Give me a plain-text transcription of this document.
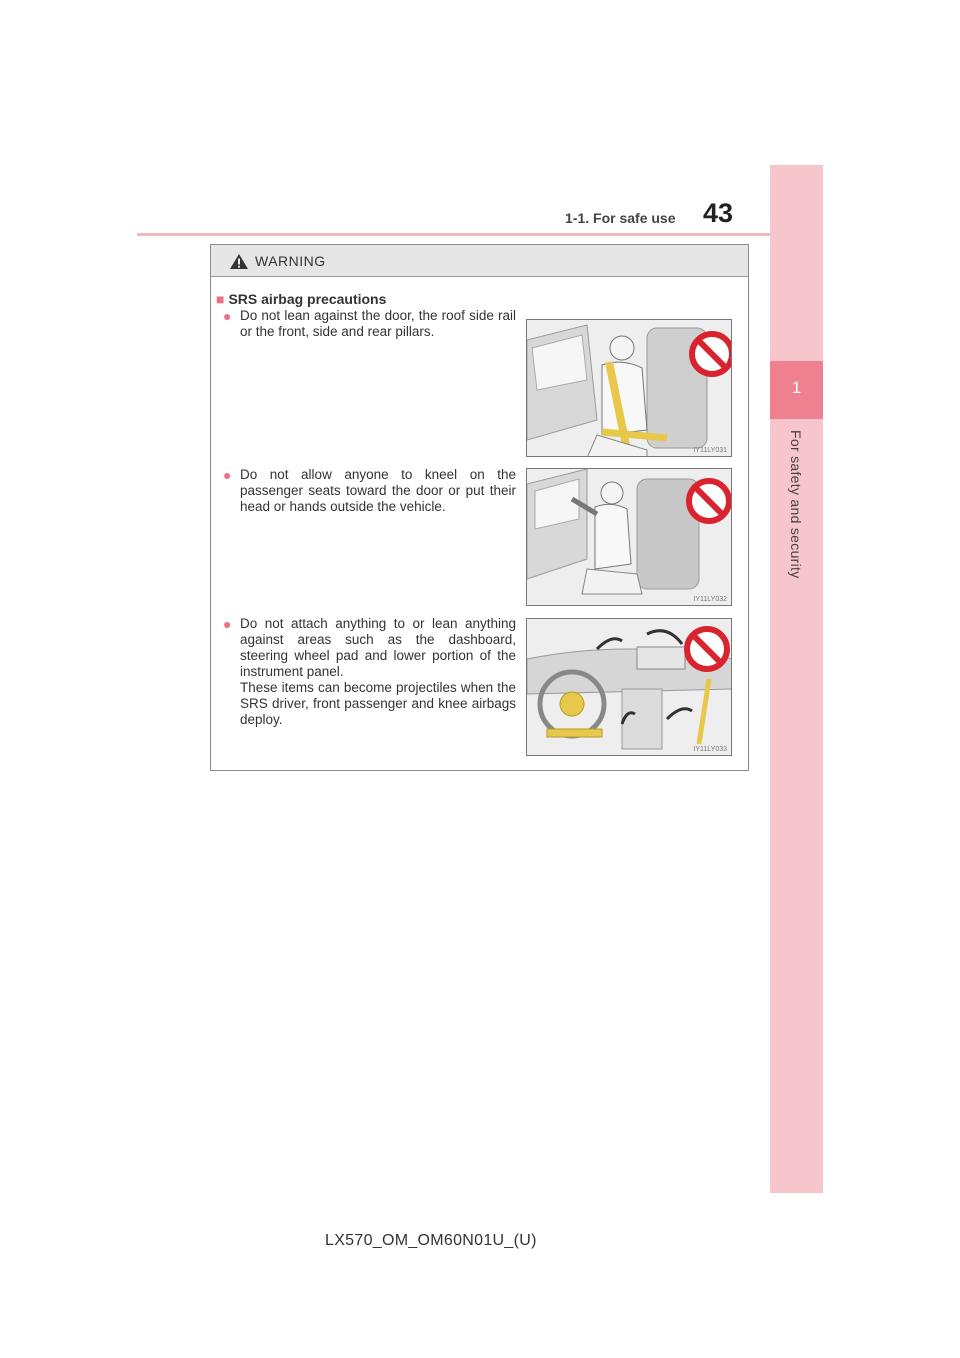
1-1. For safe use 43
1
For safety and security
WARNING
■ SRS airbag precautions
● Do not lean against the door, the roof side rail or the front, side and rear pillars.
IY11LY031
● Do not allow anyone to kneel on the passenger seats toward the door or put their head or hands outside the vehicle.
IY11LY032
● Do not attach anything to or lean anything against areas such as the dashboard, steering wheel pad and lower portion of the instrument panel.
These items can become projectiles when the SRS driver, front passenger and knee airbags deploy.
IY11LY033
LX570_OM_OM60N01U_(U)
